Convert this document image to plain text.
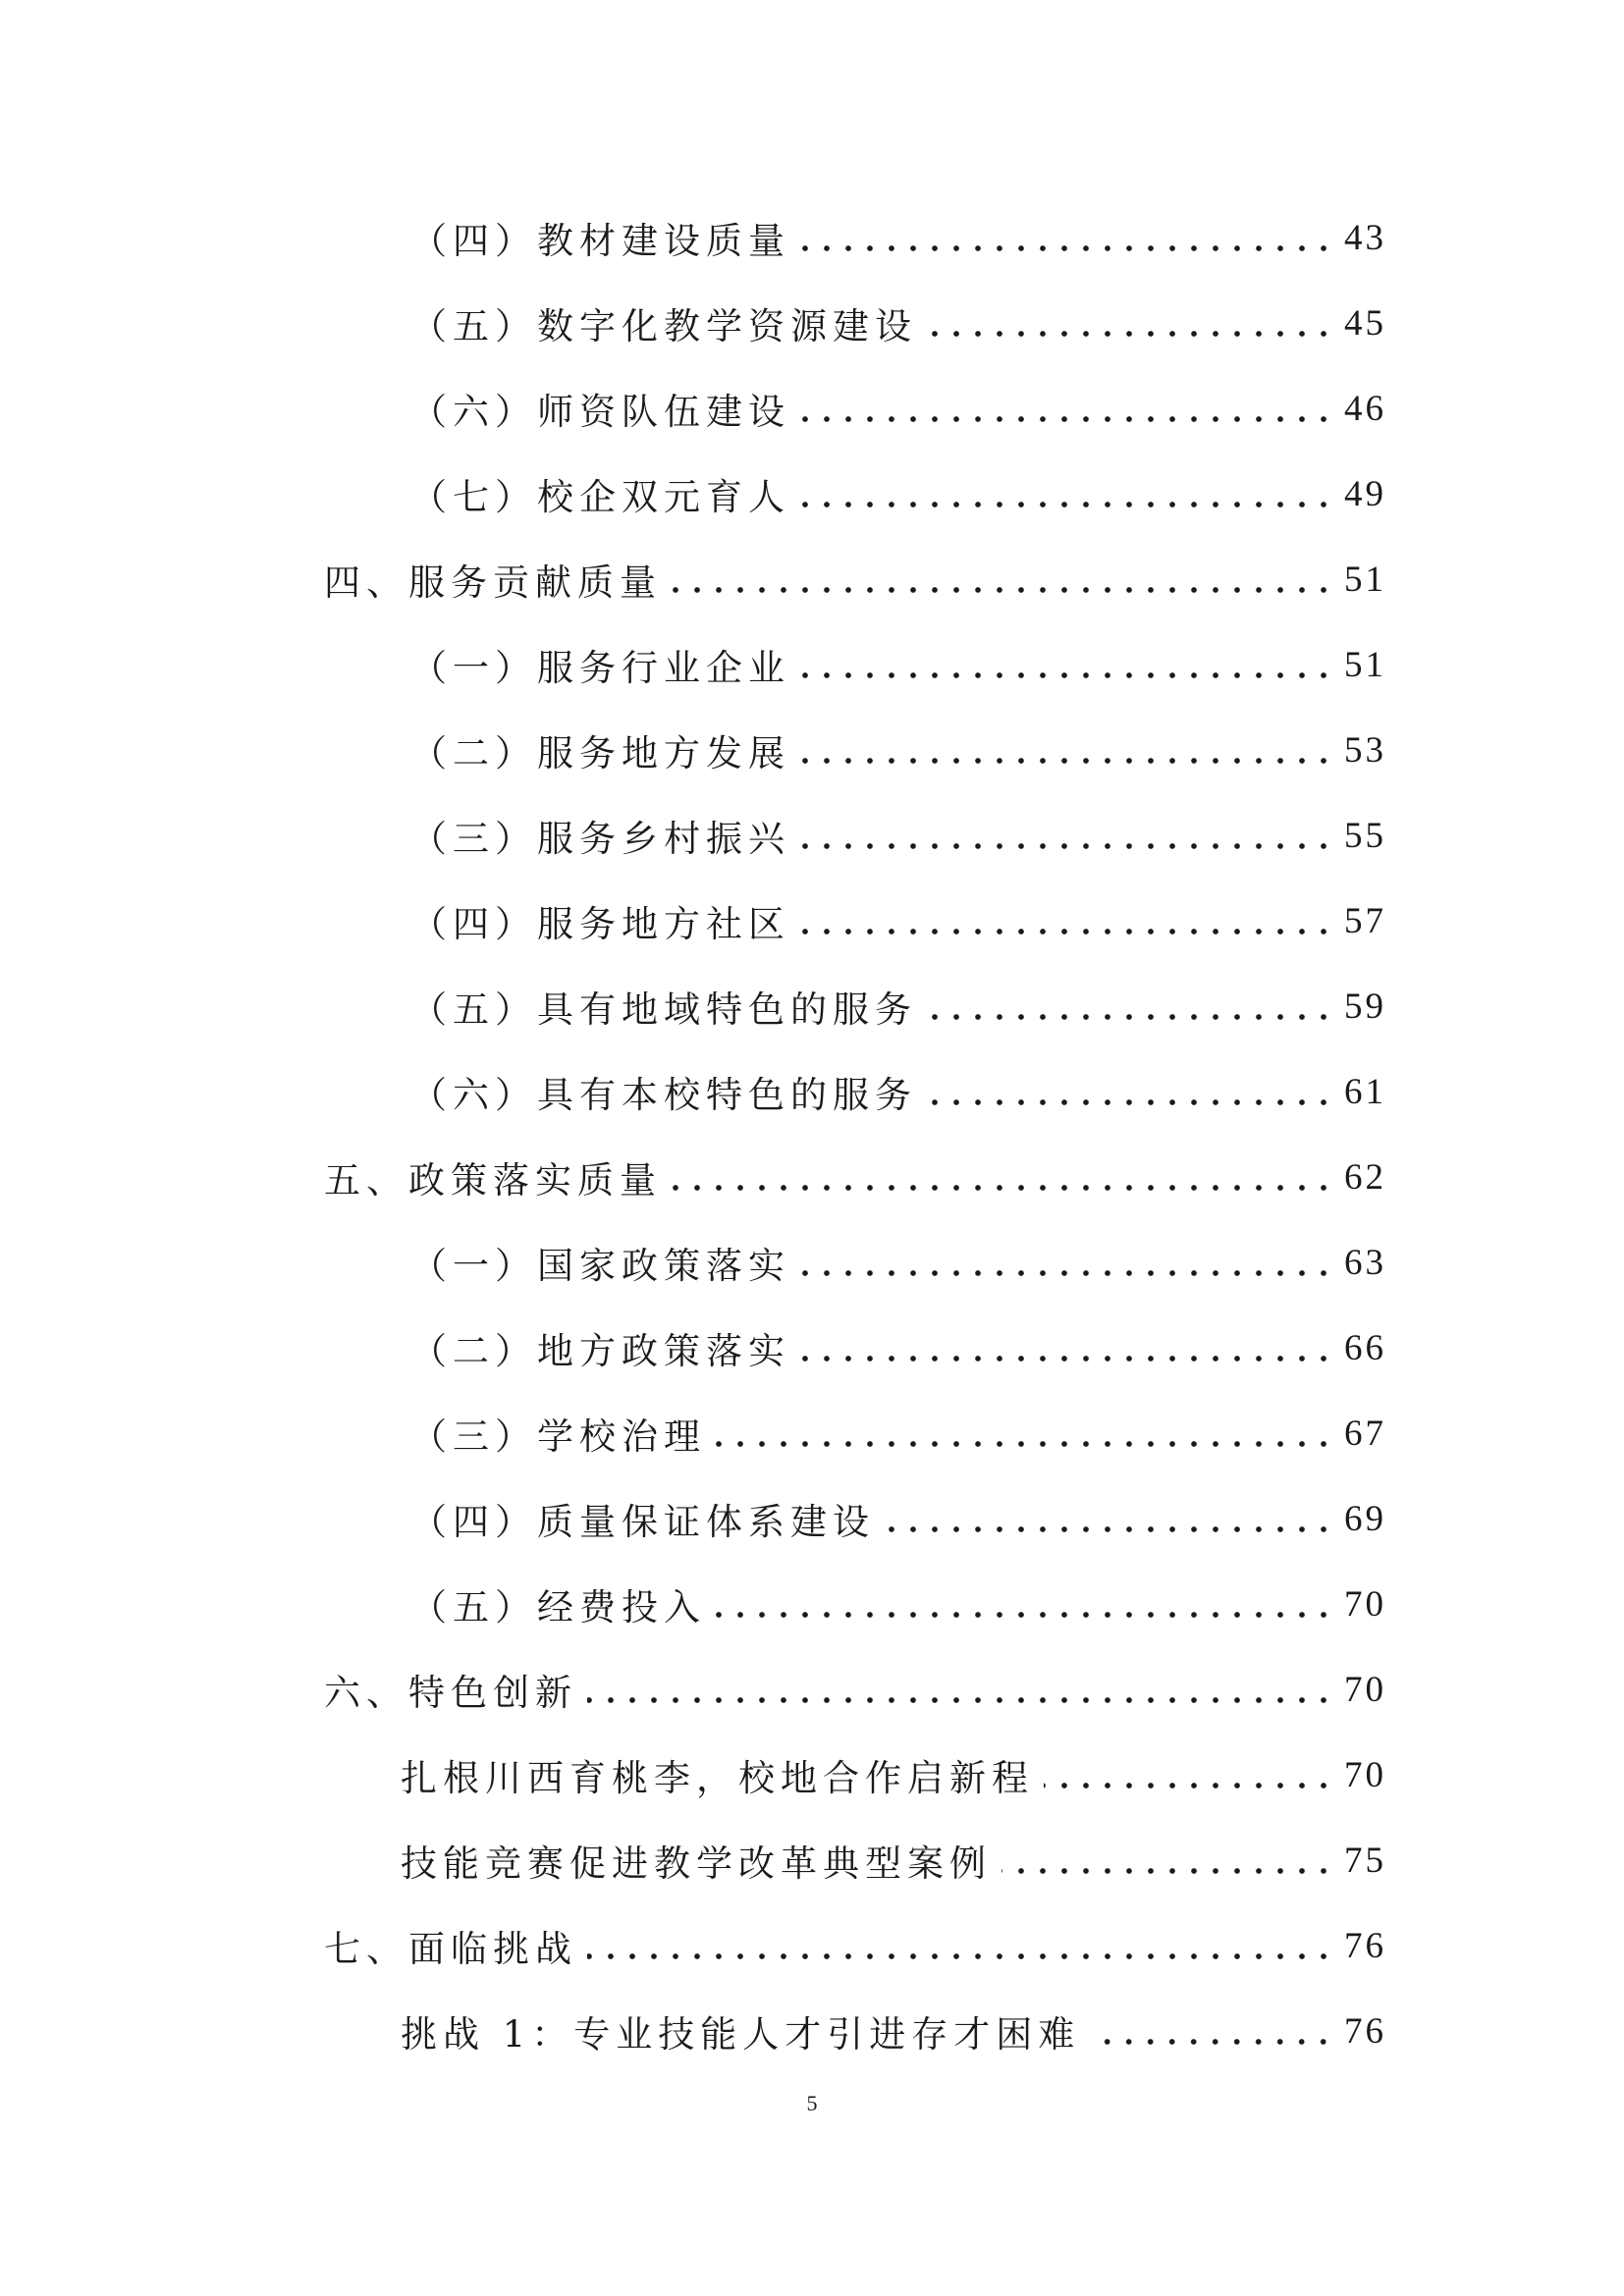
（四）教材建设质量	43
（五）数字化教学资源建设	45
（六）师资队伍建设	46
（七）校企双元育人	49
四、服务贡献质量	51
（一）服务行业企业	51
（二）服务地方发展	53
（三）服务乡村振兴	55
（四）服务地方社区	57
（五）具有地域特色的服务	59
（六）具有本校特色的服务	61
五、政策落实质量	62
（一）国家政策落实	63
（二）地方政策落实	66
（三）学校治理	67
（四）质量保证体系建设	69
（五）经费投入	70
六、特色创新	70
扎根川西育桃李，校地合作启新程	70
技能竞赛促进教学改革典型案例	75
七、面临挑战	76
挑战 1：专业技能人才引进存才困难	76
5
